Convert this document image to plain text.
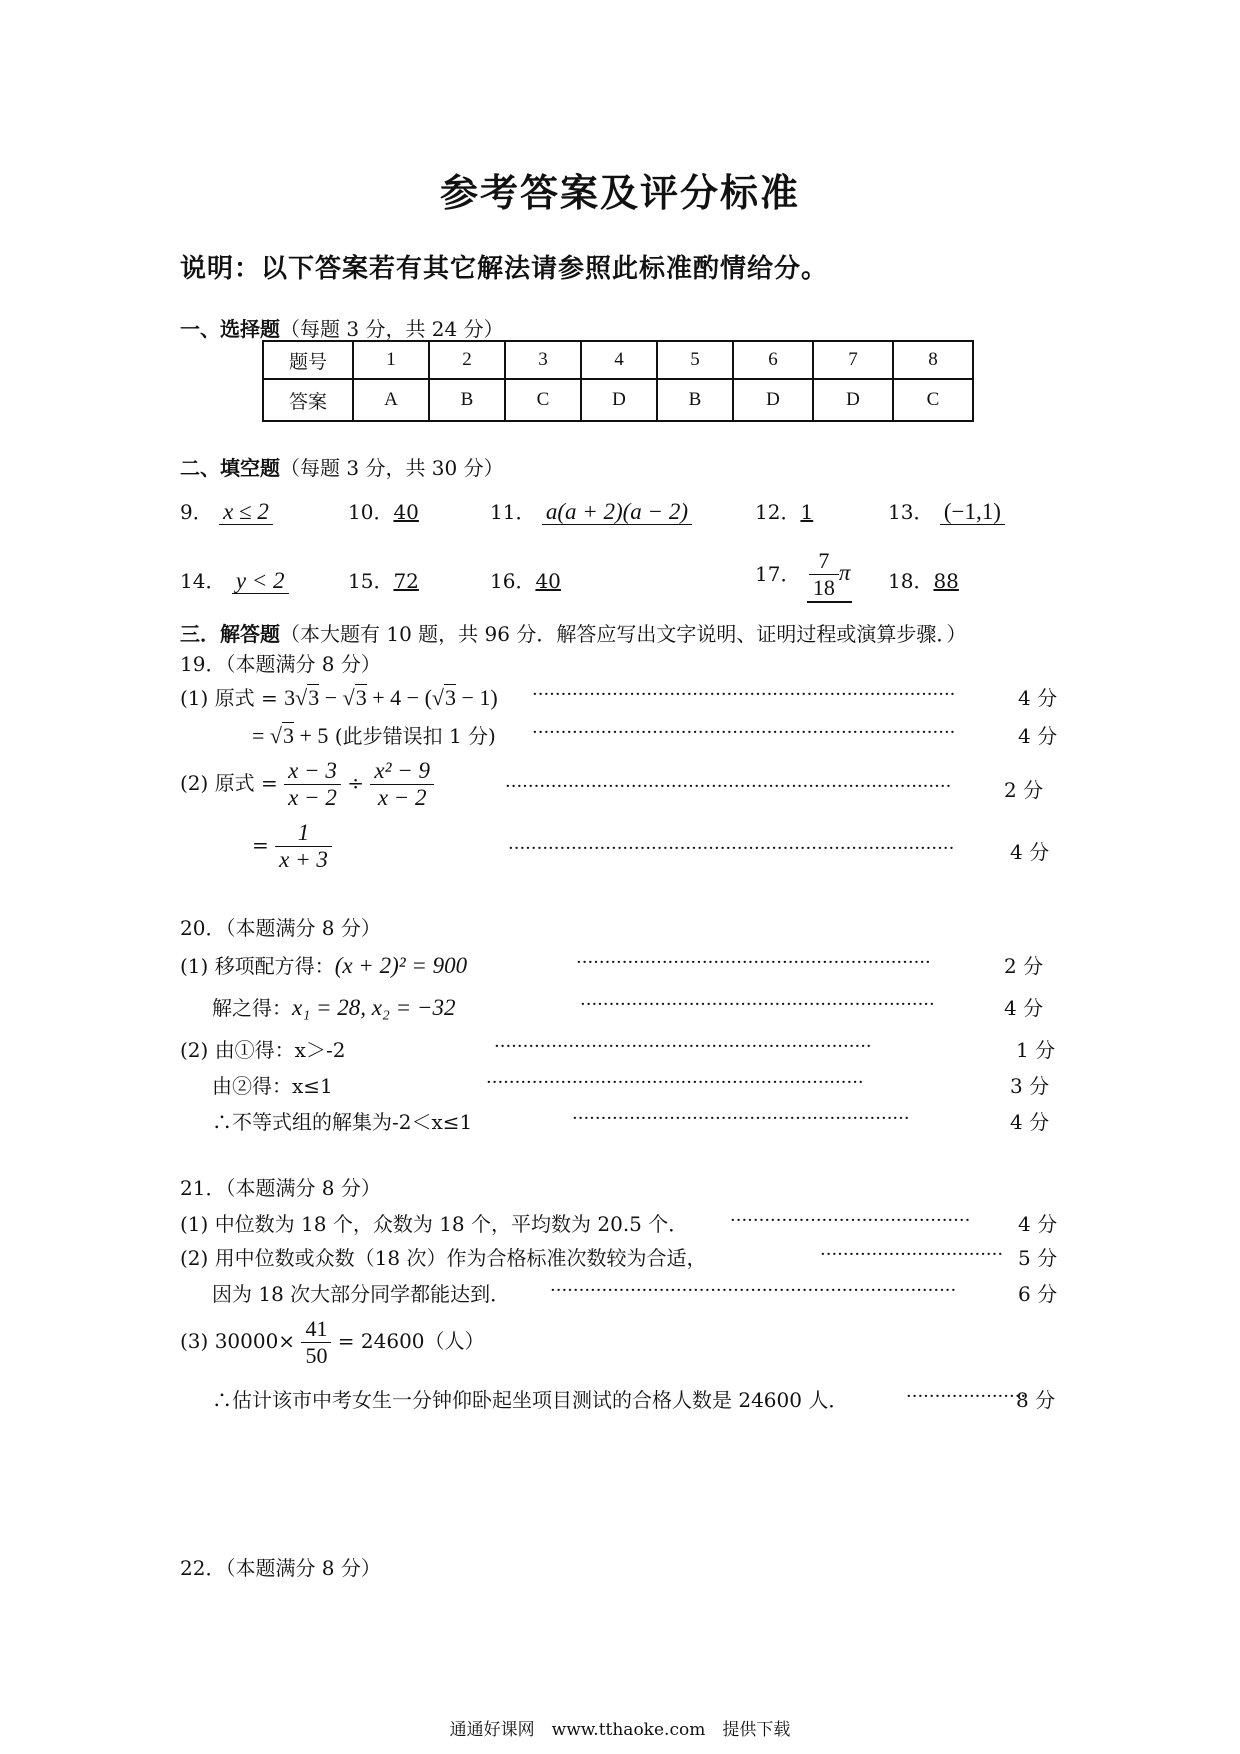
参考答案及评分标准
说明：以下答案若有其它解法请参照此标准酌情给分。
一、选择题（每题 3 分，共 24 分）
题号	1	2	3	4	5	6	7	8
答案	A	B	C	D	B	D	D	C
二、填空题（每题 3 分，共 30 分）
9． x ≤ 2	10．40	11． a(a + 2)(a − 2)	12．1	13． (−1,1)
14． y < 2	15．72	16．40	17． $\frac{7}{18}$ π 18．88
三．解答题（本大题有 10 题，共 96 分．解答应写出文字说明、证明过程或演算步骤．）
19．（本题满分 8 分）
(1) 原式 = 3√3 − √3 + 4 − (√3 − 1) ··········································································	4 分
= √3 + 5 (此步错误扣 1 分) ··········································································	4 分
(2) 原式 = $\frac{x - 3}{x - 2} \div \frac{\text{x² − 9}}{x - 2}$	··············································································	2 分
= $\frac{1}{x + 3}$	··············································································	4 分
20．（本题满分 8 分）
(1) 移项配方得：(x + 2)² = 900	······························································	2 分
解之得：x₁ = 28, x₂ = −32	······························································	4 分
(2) 由①得：x＞-2	··································································	1 分
由②得：x≤1	··································································	3 分
∴不等式组的解集为-2＜x≤1	···························································	4 分
21．（本题满分 8 分）
(1) 中位数为 18 个，众数为 18 个，平均数为 20.5 个． ·········································· 4 分
(2) 用中位数或众数（18 次）作为合格标准次数较为合适，	································ 5 分
因为 18 次大部分同学都能达到． ·······································································	6 分
(3) $30000\times \frac{41}{50} = 24600$（人）
∴估计该市中考女生一分钟仰卧起坐项目测试的合格人数是 24600 人．	·····················
8 分
22．（本题满分 8 分）
通通好课网　www.tthaoke.com　提供下载
